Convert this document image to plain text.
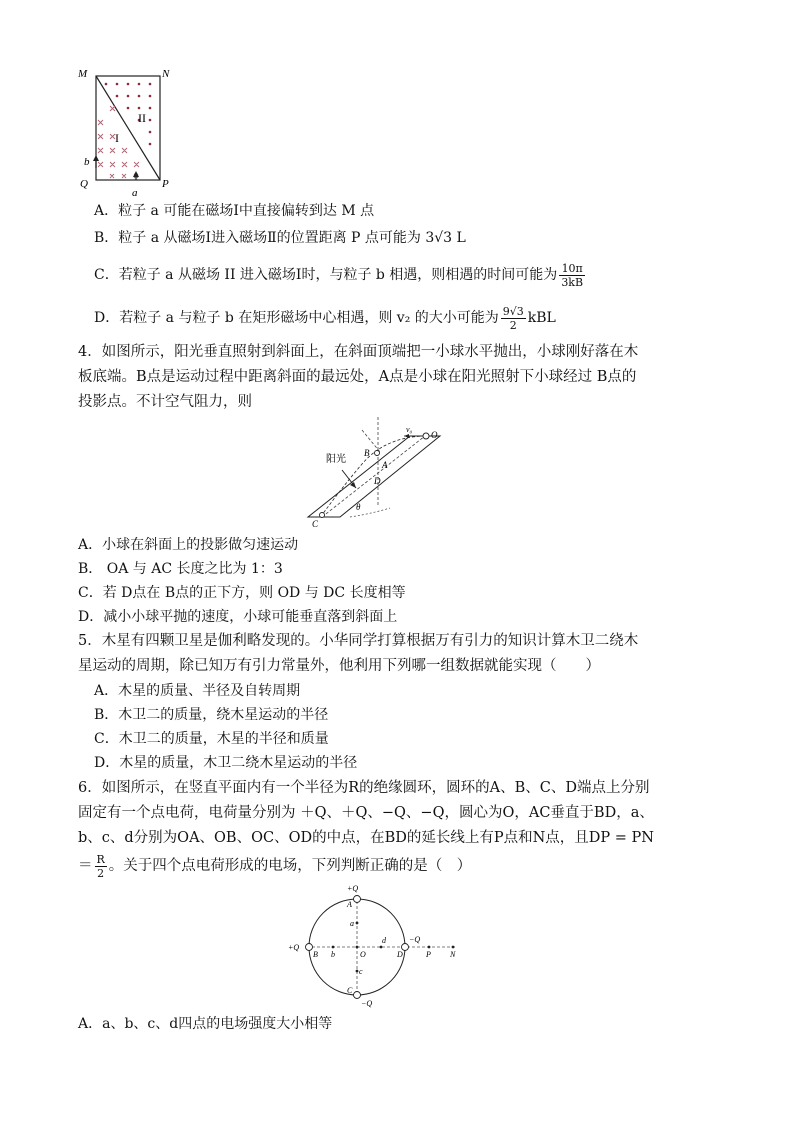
M	N
Q	P
I
II
b
a
A．粒子 a 可能在磁场I中直接偏转到达 M 点
B．粒子 a 从磁场I进入磁场Ⅱ的位置距离 P 点可能为 3√3 L
C．若粒子 a 从磁场 II 进入磁场I时，与粒子 b 相遇，则相遇的时间可能为 $\frac{10\pi}{3kB}$
D．若粒子 a 与粒子 b 在矩形磁场中心相遇，则 v₂ 的大小可能为 $\frac{9√3}{2}$ kBL
4．如图所示，阳光垂直照射到斜面上，在斜面顶端把一小球水平抛出，小球刚好落在木
板底端。B点是运动过程中距离斜面的最远处，A点是小球在阳光照射下小球经过 B点的
投影点。不计空气阻力，则
阳光
B
A
D
C
O
v₀
θ
A．小球在斜面上的投影做匀速运动
B． OA 与 AC 长度之比为 1：3
C．若 D点在 B点的正下方，则 OD 与 DC 长度相等
D．减小小球平抛的速度，小球可能垂直落到斜面上
5．木星有四颗卫星是伽利略发现的。小华同学打算根据万有引力的知识计算木卫二绕木
星运动的周期，除已知万有引力常量外，他利用下列哪一组数据就能实现（　　）
A．木星的质量、半径及自转周期
B．木卫二的质量，绕木星运动的半径
C．木卫二的质量，木星的半径和质量
D．木星的质量，木卫二绕木星运动的半径
6．如图所示，在竖直平面内有一个半径为R的绝缘圆环，圆环的A、B、C、D端点上分别
固定有一个点电荷，电荷量分别为 ＋Q、＋Q、−Q、−Q，圆心为O，AC垂直于BD，a、
b、c、d分别为OA、OB、OC、OD的中点，在BD的延长线上有P点和N点，且DP = PN
＝ $\frac{R}{2}$ 。关于四个点电荷形成的电场，下列判断正确的是（　）
+Q
+Q
−Q
−Q
A
B
C
D
O
a
b
c
d
P N
A．a、b、c、d四点的电场强度大小相等
